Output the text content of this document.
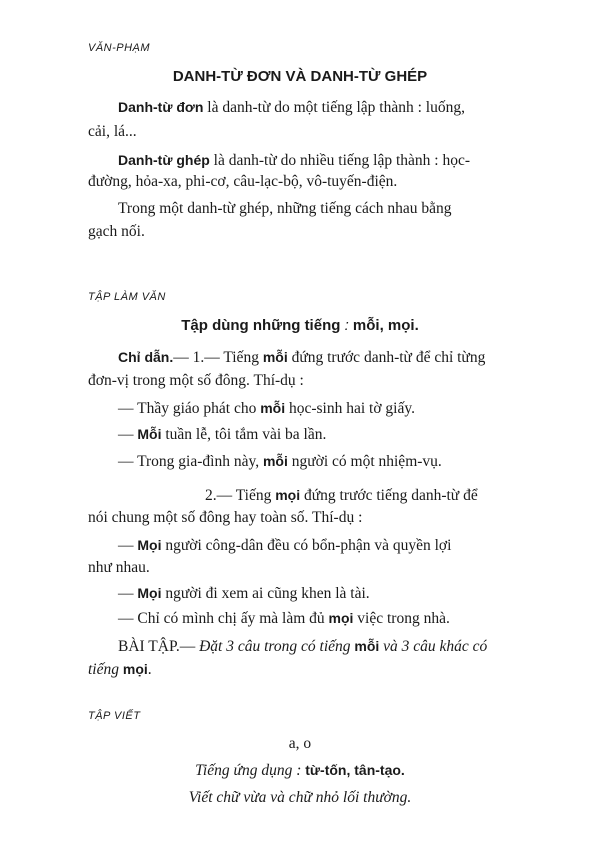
VĂN-PHẠM
DANH-TỪ ĐƠN VÀ DANH-TỪ GHÉP
Danh-từ đơn là danh-từ do một tiếng lập thành : luống,
cải, lá...
Danh-từ ghép là danh-từ do nhiều tiếng lập thành : học-
đường, hỏa-xa, phi-cơ, câu-lạc-bộ, vô-tuyến-điện.
Trong một danh-từ ghép, những tiếng cách nhau bằng
gạch nối.
TẬP LÀM VĂN
Tập dùng những tiếng : mỗi, mọi.
Chỉ dẫn.— 1.— Tiếng mỗi đứng trước danh-từ để chỉ từng
đơn-vị trong một số đông. Thí-dụ :
— Thầy giáo phát cho mỗi học-sinh hai tờ giấy.
— Mỗi tuần lễ, tôi tắm vài ba lần.
— Trong gia-đình này, mỗi người có một nhiệm-vụ.
2.— Tiếng mọi đứng trước tiếng danh-từ để
nói chung một số đông hay toàn số. Thí-dụ :
— Mọi người công-dân đều có bổn-phận và quyền lợi
như nhau.
— Mọi người đi xem ai cũng khen là tài.
— Chỉ có mình chị ấy mà làm đủ mọi việc trong nhà.
BÀI TẬP.— Đặt 3 câu trong có tiếng mỗi và 3 câu khác có
tiếng mọi.
TẬP VIẾT
a, o
Tiếng ứng dụng : từ-tốn, tân-tạo.
Viết chữ vừa và chữ nhỏ lối thường.
